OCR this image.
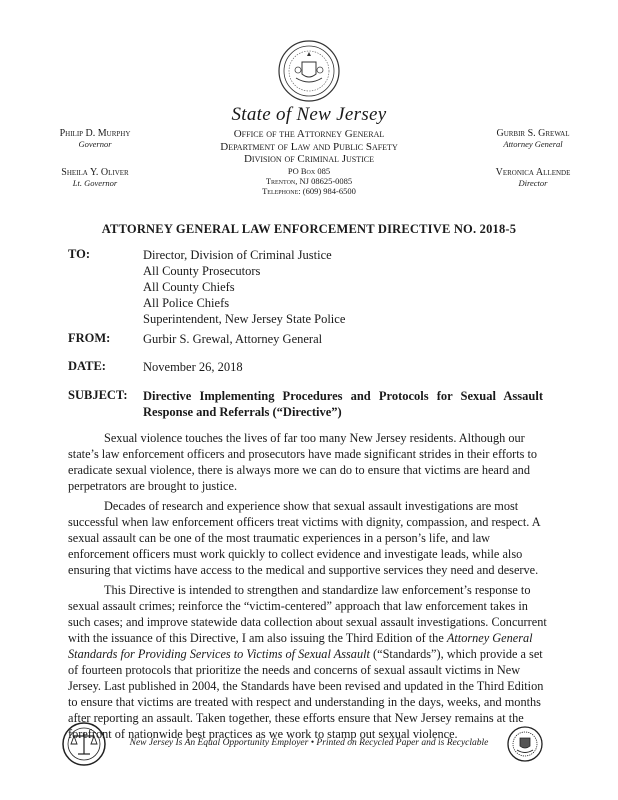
State of New Jersey
Philip D. Murphy
Governor
Sheila Y. Oliver
Lt. Governor
Office of the Attorney General
Department of Law and Public Safety
Division of Criminal Justice
PO Box 085
Trenton, NJ 08625-0085
Telephone: (609) 984-6500
Gurbir S. Grewal
Attorney General
Veronica Allende
Director
ATTORNEY GENERAL LAW ENFORCEMENT DIRECTIVE NO. 2018-5
TO:	Director, Division of Criminal Justice
All County Prosecutors
All County Chiefs
All Police Chiefs
Superintendent, New Jersey State Police
FROM:	Gurbir S. Grewal, Attorney General
DATE:	November 26, 2018
SUBJECT: Directive Implementing Procedures and Protocols for Sexual Assault Response and Referrals (“Directive”)

Sexual violence touches the lives of far too many New Jersey residents. Although our state’s law enforcement officers and prosecutors have made significant strides in their efforts to eradicate sexual violence, there is always more we can do to ensure that victims are heard and perpetrators are brought to justice.

Decades of research and experience show that sexual assault investigations are most successful when law enforcement officers treat victims with dignity, compassion, and respect. A sexual assault can be one of the most traumatic experiences in a person’s life, and law enforcement officers must work quickly to collect evidence and investigate leads, while also ensuring that victims have access to the medical and supportive services they need and deserve.

This Directive is intended to strengthen and standardize law enforcement’s response to sexual assault crimes; reinforce the “victim-centered” approach that law enforcement takes in such cases; and improve statewide data collection about sexual assault investigations. Concurrent with the issuance of this Directive, I am also issuing the Third Edition of the Attorney General Standards for Providing Services to Victims of Sexual Assault (“Standards”), which provide a set of fourteen protocols that prioritize the needs and concerns of sexual assault victims in New Jersey. Last published in 2004, the Standards have been revised and updated in the Third Edition to ensure that victims are treated with respect and understanding in the days, weeks, and months after reporting an assault. Taken together, these efforts ensure that New Jersey remains at the forefront of nationwide best practices as we work to stamp out sexual violence.

New Jersey Is An Equal Opportunity Employer • Printed on Recycled Paper and is Recyclable
